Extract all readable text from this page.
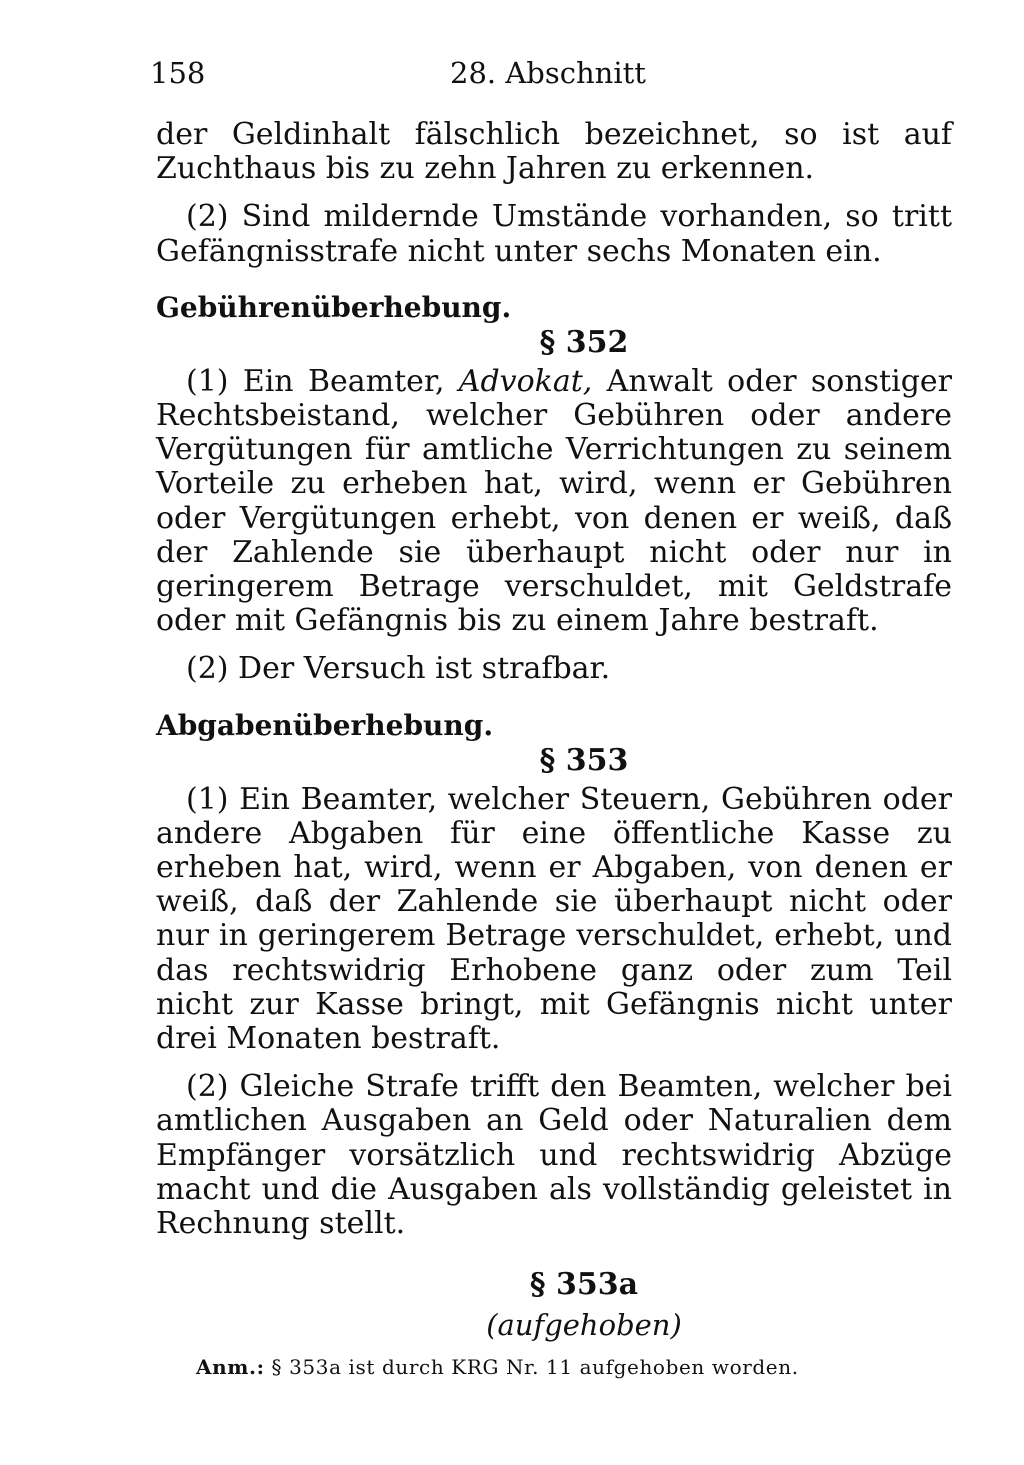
158	28. Abschnitt

der Geldinhalt fälschlich bezeichnet, so ist auf Zuchthaus bis zu zehn Jahren zu erkennen.

(2) Sind mildernde Umstände vorhanden, so tritt Gefängnisstrafe nicht unter sechs Monaten ein.

Gebührenüberhebung.
§ 352

(1) Ein Beamter, Advokat, Anwalt oder sonstiger Rechtsbeistand, welcher Gebühren oder andere Vergütungen für amtliche Verrichtungen zu seinem Vorteile zu erheben hat, wird, wenn er Gebühren oder Vergütungen erhebt, von denen er weiß, daß der Zahlende sie überhaupt nicht oder nur in geringerem Betrage verschuldet, mit Geldstrafe oder mit Gefängnis bis zu einem Jahre bestraft.

(2) Der Versuch ist strafbar.

Abgabenüberhebung.
§ 353

(1) Ein Beamter, welcher Steuern, Gebühren oder andere Abgaben für eine öffentliche Kasse zu erheben hat, wird, wenn er Abgaben, von denen er weiß, daß der Zahlende sie überhaupt nicht oder nur in geringerem Betrage verschuldet, erhebt, und das rechtswidrig Erhobene ganz oder zum Teil nicht zur Kasse bringt, mit Gefängnis nicht unter drei Monaten bestraft.

(2) Gleiche Strafe trifft den Beamten, welcher bei amtlichen Ausgaben an Geld oder Naturalien dem Empfänger vorsätzlich und rechtswidrig Abzüge macht und die Ausgaben als vollständig geleistet in Rechnung stellt.

§ 353a
(aufgehoben)
Anm.: § 353a ist durch KRG Nr. 11 aufgehoben worden.
